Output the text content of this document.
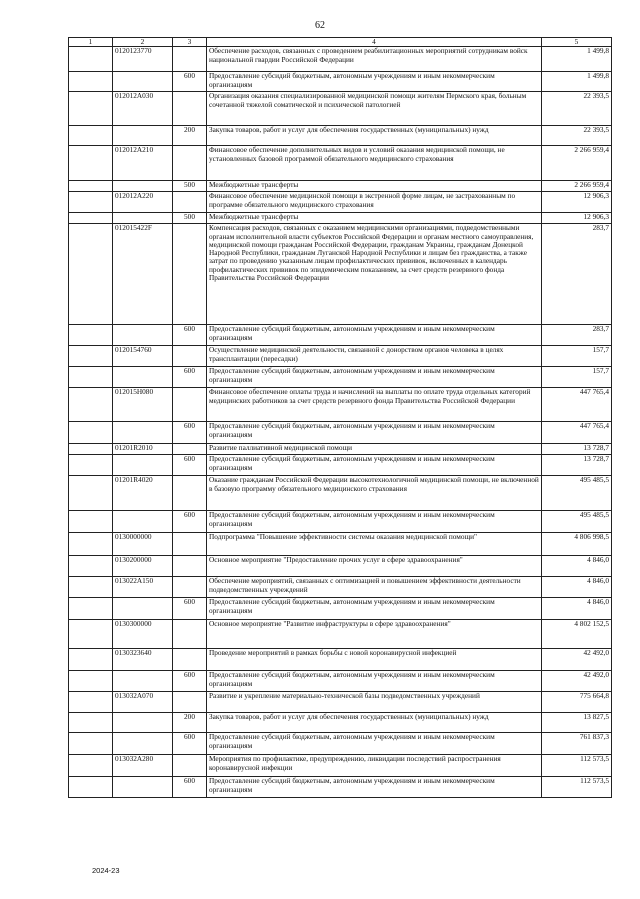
62
1	2	3	4	5
	0120123770		Обеспечение расходов, связанных с проведением реабилитационных мероприятий сотрудникам войск национальной гвардии Российской Федерации	1 499,8
		600	Предоставление субсидий бюджетным, автономным учреждениям и иным некоммерческим организациям	1 499,8
	012012А030		Организация оказания специализированной медицинской помощи жителям Пермского края, больным сочетанной тяжелой соматической и психической патологией	22 393,5
		200	Закупка товаров, работ и услуг для обеспечения государственных (муниципальных) нужд	22 393,5
	012012А210		Финансовое обеспечение дополнительных видов и условий оказания медицинской помощи, не установленных базовой программой обязательного медицинского страхования	2 266 959,4
		500	Межбюджетные трансферты	2 266 959,4
	012012А220		Финансовое обеспечение медицинской помощи в экстренной форме лицам, не застрахованным по программе обязательного медицинского страхования	12 906,3
		500	Межбюджетные трансферты	12 906,3
	012015422F		Компенсация расходов, связанных с оказанием медицинскими организациями, подведомственными органам исполнительной власти субъектов Российской Федерации и органам местного самоуправления, медицинской помощи гражданам Российской Федерации, гражданам Украины, гражданам Донецкой Народной Республики, гражданам Луганской Народной Республики и лицам без гражданства, а также затрат по проведению указанным лицам профилактических прививок, включенных в календарь профилактических прививок по эпидемическим показаниям, за счет средств резервного фонда Правительства Российской Федерации	283,7
		600	Предоставление субсидий бюджетным, автономным учреждениям и иным некоммерческим организациям	283,7
	0120154760		Осуществление медицинской деятельности, связанной с донорством органов человека в целях трансплантации (пересадки)	157,7
		600	Предоставление субсидий бюджетным, автономным учреждениям и иным некоммерческим организациям	157,7
	012015Н080		Финансовое обеспечение оплаты труда и начислений на выплаты по оплате труда отдельных категорий медицинских работников за счет средств резервного фонда Правительства Российской Федерации	447 765,4
		600	Предоставление субсидий бюджетным, автономным учреждениям и иным некоммерческим организациям	447 765,4
	01201R2010		Развитие паллиативной медицинской помощи	13 728,7
		600	Предоставление субсидий бюджетным, автономным учреждениям и иным некоммерческим организациям	13 728,7
	01201R4020		Оказание гражданам Российской Федерации высокотехнологичной медицинской помощи, не включенной в базовую программу обязательного медицинского страхования	495 485,5
		600	Предоставление субсидий бюджетным, автономным учреждениям и иным некоммерческим организациям	495 485,5
	0130000000		Подпрограмма "Повышение эффективности системы оказания медицинской помощи"	4 806 998,5
	0130200000		Основное мероприятие "Предоставление прочих услуг в сфере здравоохранения"	4 846,0
	013022А150		Обеспечение мероприятий, связанных с оптимизацией и повышением эффективности деятельности подведомственных учреждений	4 846,0
		600	Предоставление субсидий бюджетным, автономным учреждениям и иным некоммерческим организациям	4 846,0
	0130300000		Основное мероприятие "Развитие инфраструктуры в сфере здравоохранения"	4 802 152,5
	0130323640		Проведение мероприятий в рамках борьбы с новой коронавирусной инфекцией	42 492,0
		600	Предоставление субсидий бюджетным, автономным учреждениям и иным некоммерческим организациям	42 492,0
	013032А070		Развитие и укрепление материально-технической базы подведомственных учреждений	775 664,8
		200	Закупка товаров, работ и услуг для обеспечения государственных (муниципальных) нужд	13 827,5
		600	Предоставление субсидий бюджетным, автономным учреждениям и иным некоммерческим организациям	761 837,3
	013032А280		Мероприятия по профилактике, предупреждению, ликвидации последствий распространения коронавирусной инфекции	112 573,5
		600	Предоставление субсидий бюджетным, автономным учреждениям и иным некоммерческим организациям	112 573,5
2024-23
